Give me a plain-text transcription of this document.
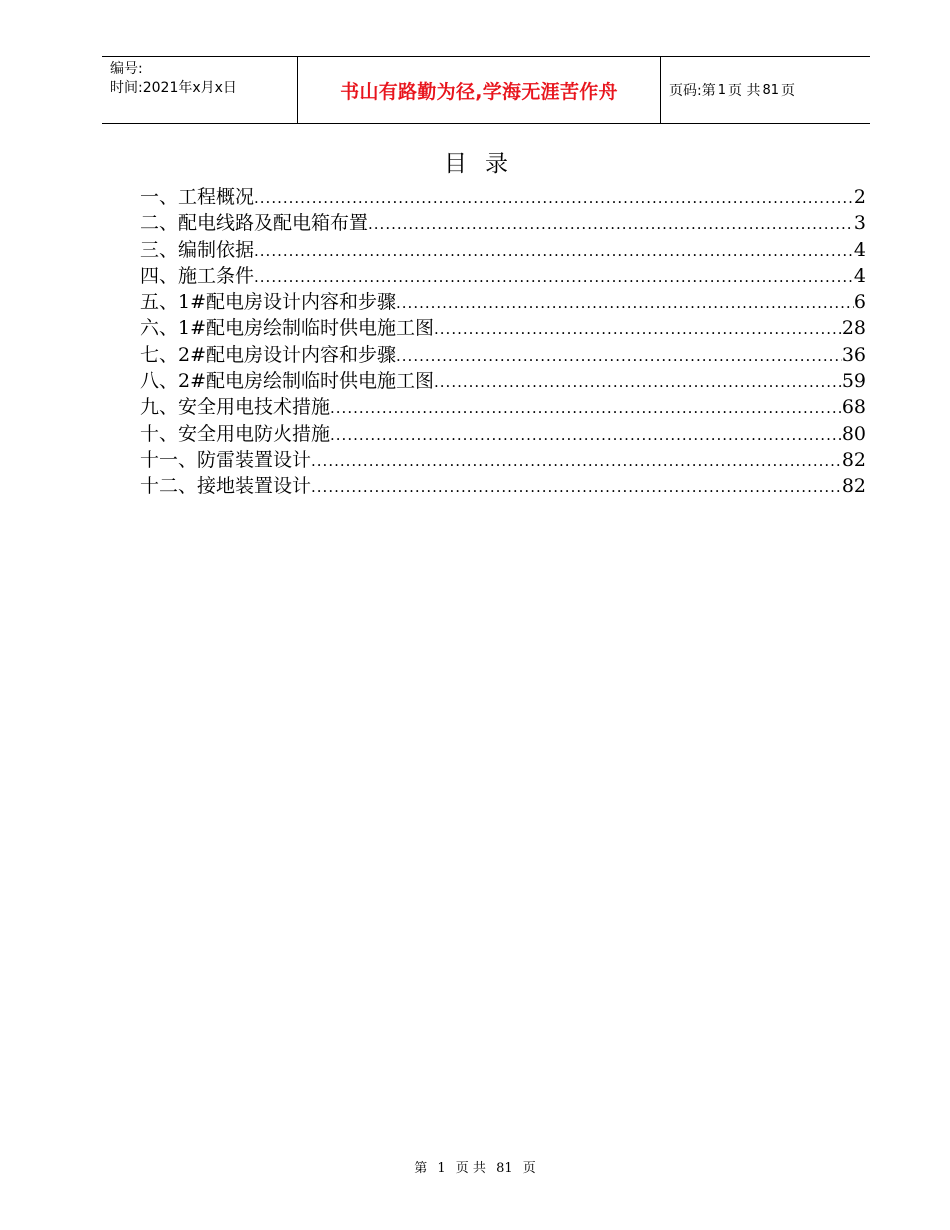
编号:
时间:2021年x月x日	书山有路勤为径,学海无涯苦作舟	页码:第 1 页 共 81 页
目录
一、工程概况 .....	2
二、配电线路及配电箱布置 .....	3
三、编制依据 .....	4
四、施工条件 .....	4
五、1#配电房设计内容和步骤 .....	6
六、1#配电房绘制临时供电施工图 .....	28
七、2#配电房设计内容和步骤 .....	36
八、2#配电房绘制临时供电施工图 .....	59
九、安全用电技术措施 .....	68
十、安全用电防火措施 .....	80
十一、防雷装置设计 .....	82
十二、接地装置设计 .....	82
第 1 页 共 81 页
